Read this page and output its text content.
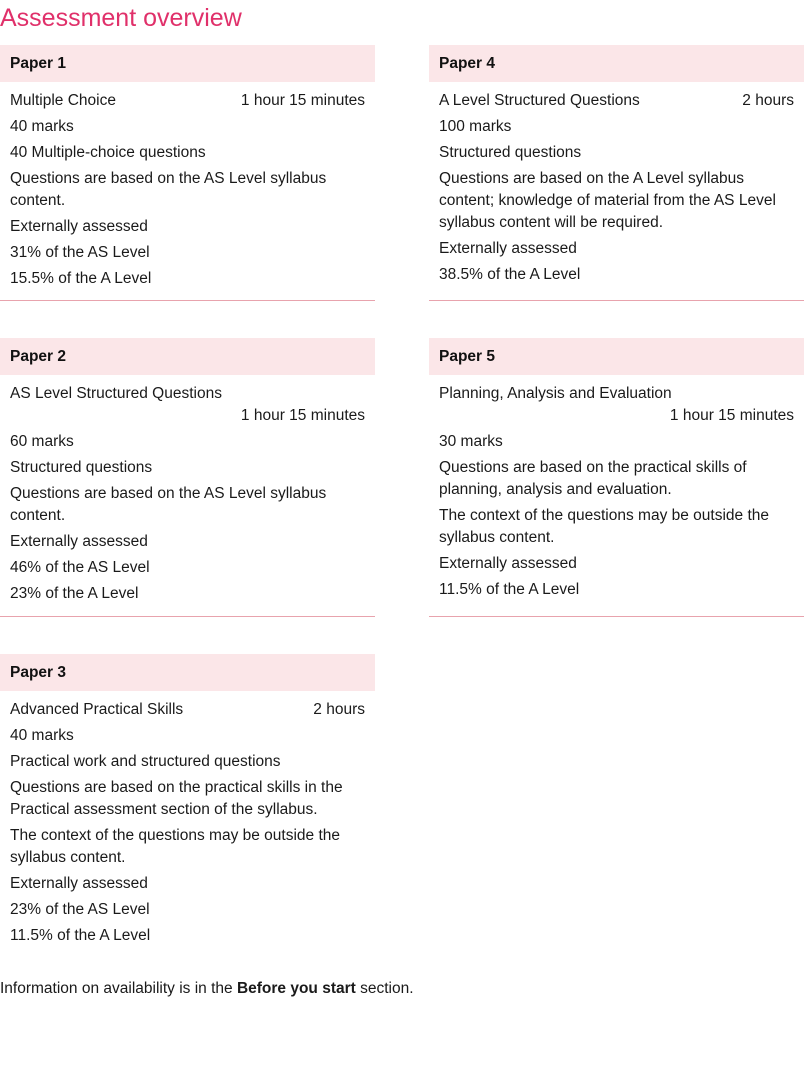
Assessment overview
Paper 1
Multiple Choice	1 hour 15 minutes

40 marks

40 Multiple-choice questions

Questions are based on the AS Level syllabus content.

Externally assessed

31% of the AS Level

15.5% of the A Level

Paper 4
A Level Structured Questions	2 hours

100 marks

Structured questions

Questions are based on the A Level syllabus content; knowledge of material from the AS Level syllabus content will be required.

Externally assessed

38.5% of the A Level

Paper 2
AS Level Structured Questions
1 hour 15 minutes

60 marks

Structured questions

Questions are based on the AS Level syllabus content.

Externally assessed

46% of the AS Level

23% of the A Level

Paper 5
Planning, Analysis and Evaluation
1 hour 15 minutes

30 marks

Questions are based on the practical skills of planning, analysis and evaluation.

The context of the questions may be outside the syllabus content.

Externally assessed

11.5% of the A Level

Paper 3
Advanced Practical Skills	2 hours

40 marks

Practical work and structured questions

Questions are based on the practical skills in the Practical assessment section of the syllabus.

The context of the questions may be outside the syllabus content.

Externally assessed

23% of the AS Level

11.5% of the A Level

Information on availability is in the Before you start section.
